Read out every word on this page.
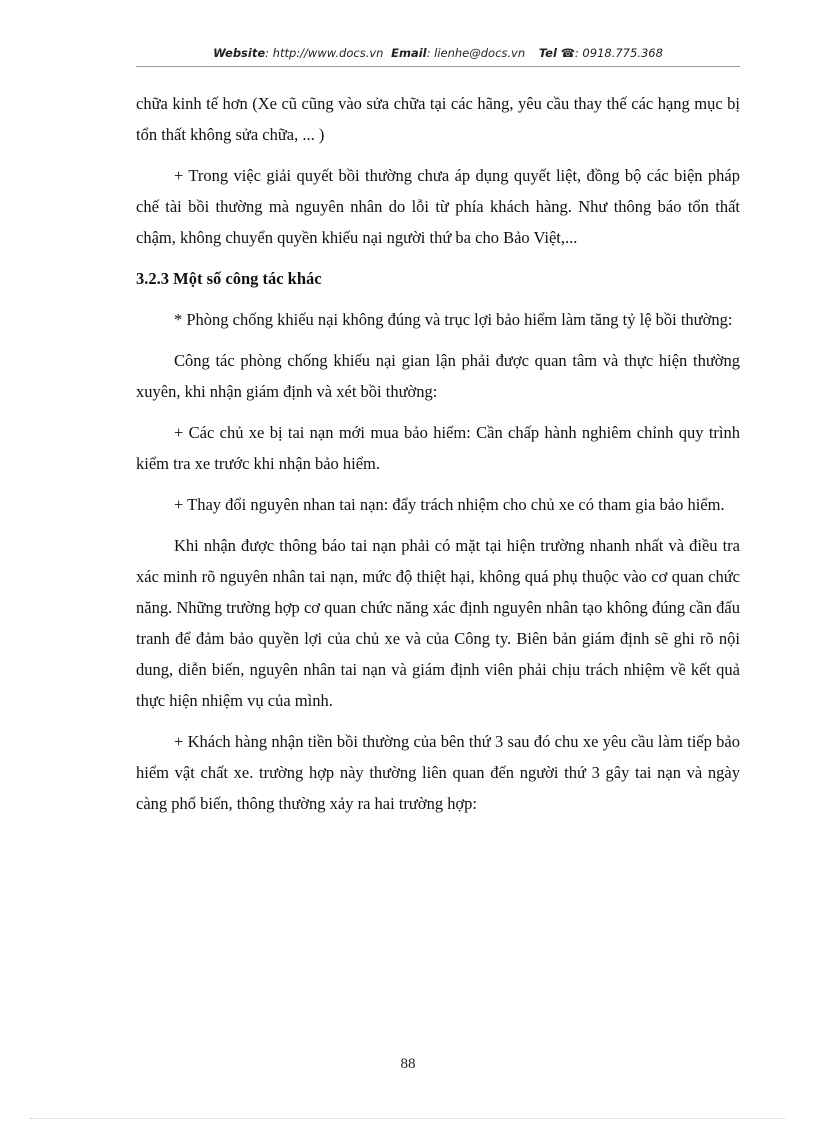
Website: http://www.docs.vn Email: lienhe@docs.vn Tel ☎: 0918.775.368

chữa kinh tế hơn (Xe cũ cũng vào sửa chữa tại các hãng, yêu cầu thay thế các hạng mục bị tổn thất không sửa chữa, ... )

+ Trong việc giải quyết bồi thường chưa áp dụng quyết liệt, đồng bộ các biện pháp chế tài bồi thường mà nguyên nhân do lỗi từ phía khách hàng. Như thông báo tổn thất chậm, không chuyển quyền khiếu nại người thứ ba cho Bảo Việt,...

3.2.3 Một số công tác khác

* Phòng chống khiếu nại không đúng và trục lợi bảo hiểm làm tăng tỷ lệ bồi thường:

Công tác phòng chống khiếu nại gian lận phải được quan tâm và thực hiện thường xuyên, khi nhận giám định và xét bồi thường:

+ Các chủ xe bị tai nạn mới mua bảo hiểm: Cần chấp hành nghiêm chỉnh quy trình kiểm tra xe trước khi nhận bảo hiểm.

+ Thay đổi nguyên nhan tai nạn: đẩy trách nhiệm cho chủ xe có tham gia bảo hiểm.

Khi nhận được thông báo tai nạn phải có mặt tại hiện trường nhanh nhất và điều tra xác minh rõ nguyên nhân tai nạn, mức độ thiệt hại, không quá phụ thuộc vào cơ quan chức năng. Những trường hợp cơ quan chức năng xác định nguyên nhân tạo không đúng cần đấu tranh để đảm bảo quyền lợi của chủ xe và của Công ty. Biên bản giám định sẽ ghi rõ nội dung, diễn biến, nguyên nhân tai nạn và giám định viên phải chịu trách nhiệm về kết quả thực hiện nhiệm vụ của mình.

+ Khách hàng nhận tiền bồi thường của bên thứ 3 sau đó chu xe yêu cầu làm tiếp bảo hiểm vật chất xe. trường hợp này thường liên quan đến người thứ 3 gây tai nạn và ngày càng phổ biến, thông thường xảy ra hai trường hợp:

88
